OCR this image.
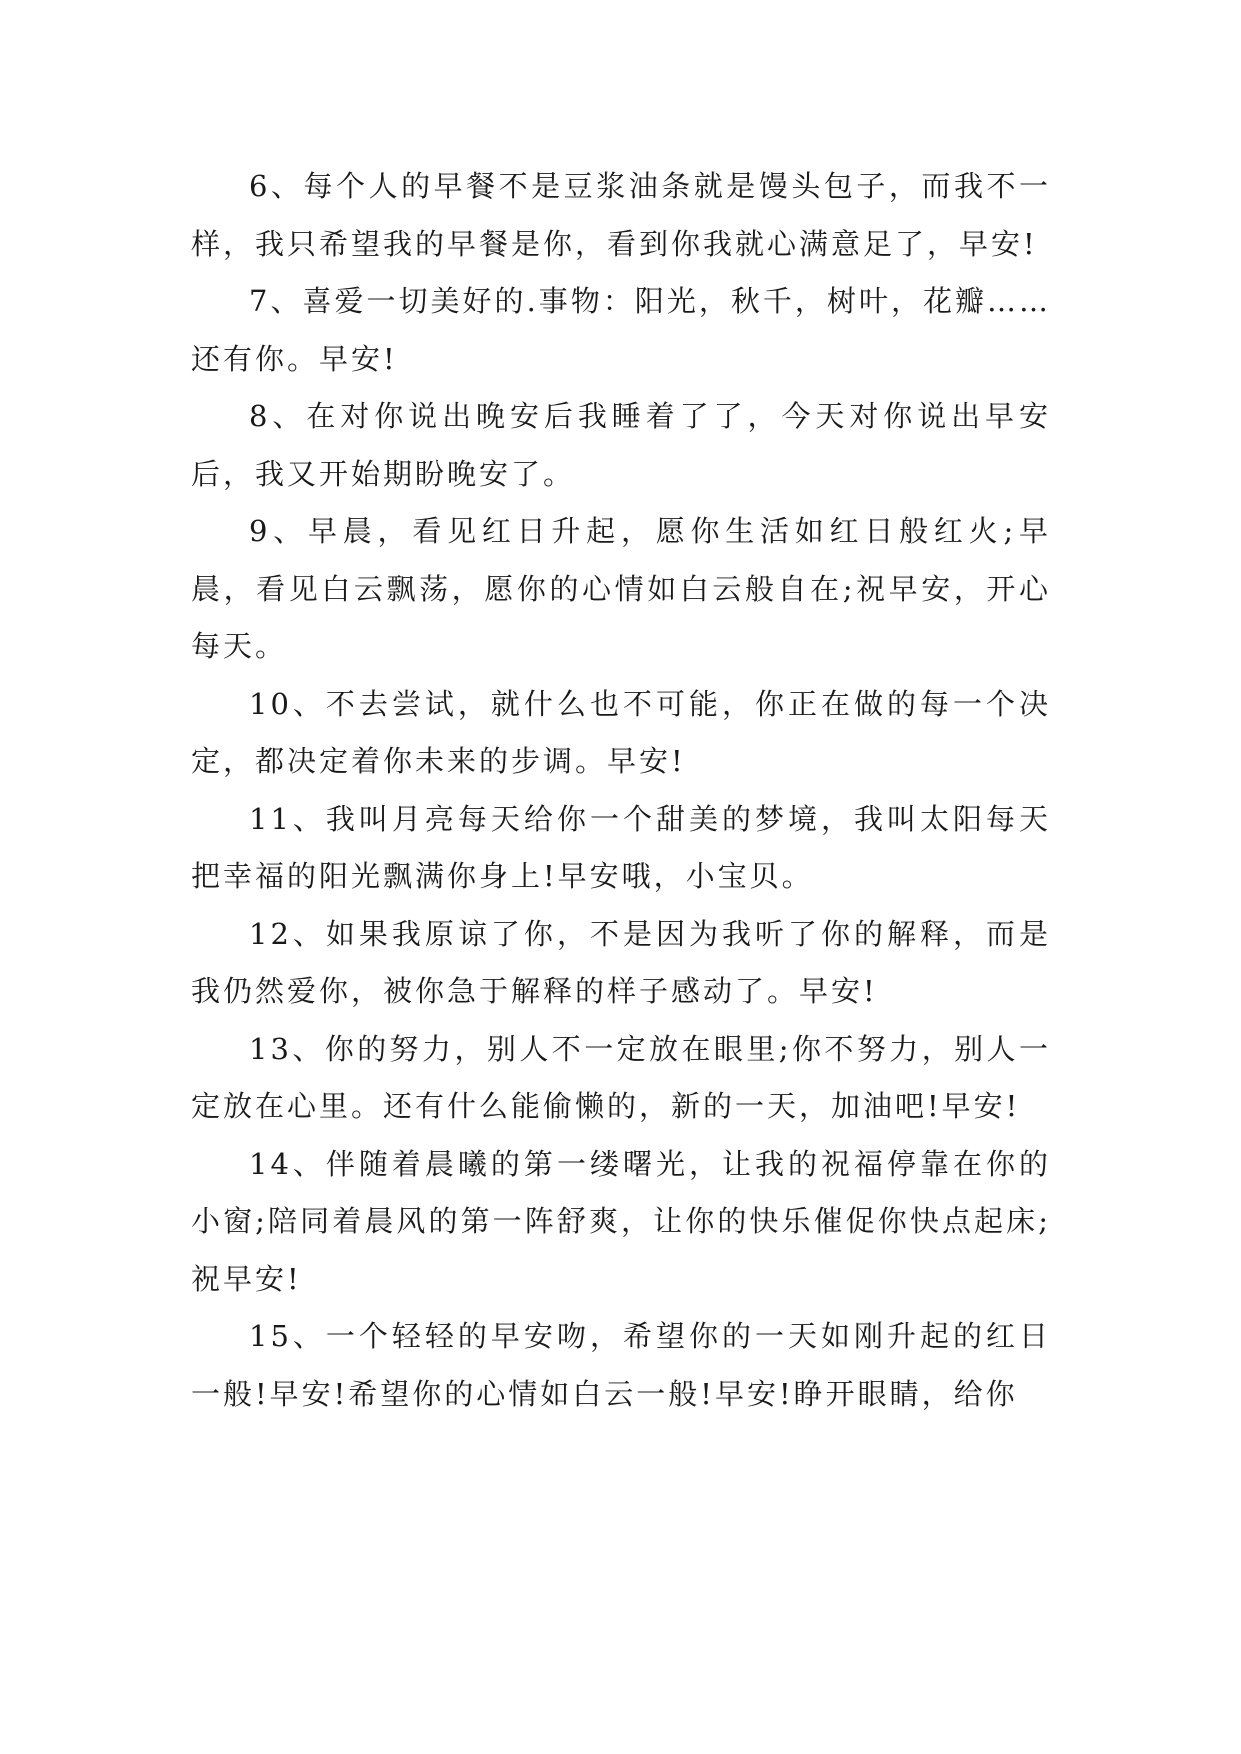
6、每个人的早餐不是豆浆油条就是馒头包子，而我不一样，我只希望我的早餐是你，看到你我就心满意足了，早安!

7、喜爱一切美好的.事物：阳光，秋千，树叶，花瓣……还有你。早安!

8、在对你说出晚安后我睡着了了，今天对你说出早安后，我又开始期盼晚安了。

9、早晨，看见红日升起，愿你生活如红日般红火;早晨，看见白云飘荡，愿你的心情如白云般自在;祝早安，开心每天。

10、不去尝试，就什么也不可能，你正在做的每一个决定，都决定着你未来的步调。早安!

11、我叫月亮每天给你一个甜美的梦境，我叫太阳每天把幸福的阳光飘满你身上!早安哦，小宝贝。

12、如果我原谅了你，不是因为我听了你的解释，而是我仍然爱你，被你急于解释的样子感动了。早安!

13、你的努力，别人不一定放在眼里;你不努力，别人一定放在心里。还有什么能偷懒的，新的一天，加油吧!早安!

14、伴随着晨曦的第一缕曙光，让我的祝福停靠在你的小窗;陪同着晨风的第一阵舒爽，让你的快乐催促你快点起床;祝早安!

15、一个轻轻的早安吻，希望你的一天如刚升起的红日一般!早安!希望你的心情如白云一般!早安!睁开眼睛，给你
